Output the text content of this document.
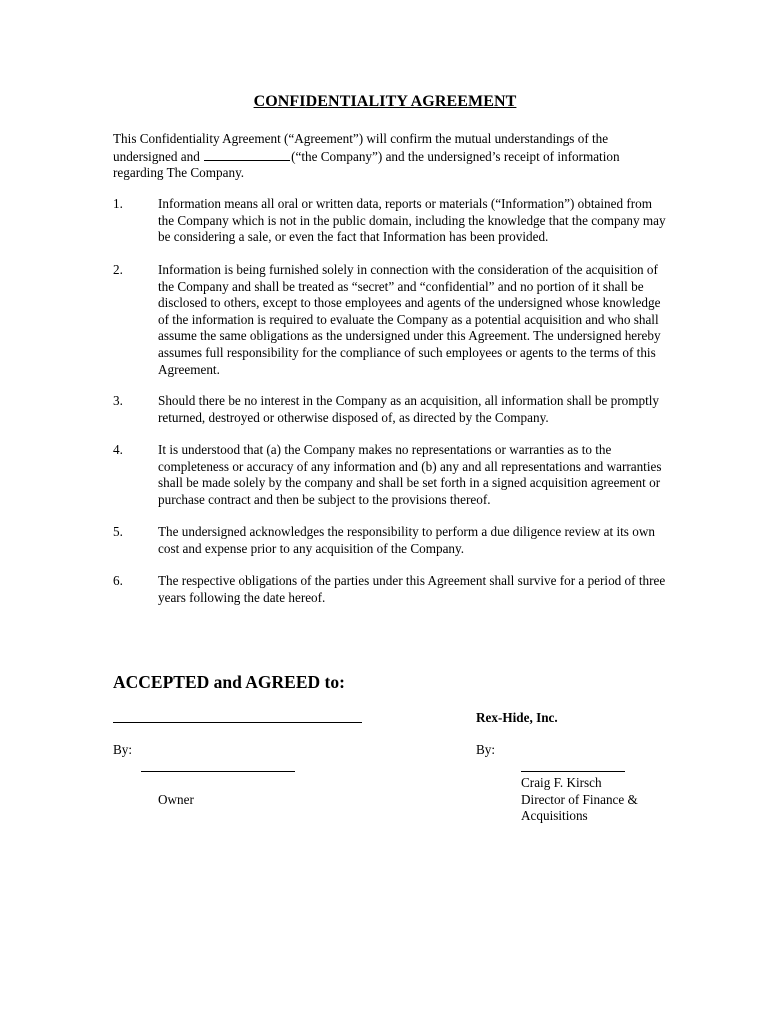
CONFIDENTIALITY AGREEMENT
This Confidentiality Agreement (“Agreement”) will confirm the mutual understandings of the undersigned and	(“the Company”) and the undersigned’s receipt of information regarding The Company.
1.	Information means all oral or written data, reports or materials (“Information”) obtained from the Company which is not in the public domain, including the knowledge that the company may be considering a sale, or even the fact that Information has been provided.
2.	Information is being furnished solely in connection with the consideration of the acquisition of the Company and shall be treated as “secret” and “confidential” and no portion of it shall be disclosed to others, except to those employees and agents of the undersigned whose knowledge of the information is required to evaluate the Company as a potential acquisition and who shall assume the same obligations as the undersigned under this Agreement. The undersigned hereby assumes full responsibility for the compliance of such employees or agents to the terms of this Agreement.
3.	Should there be no interest in the Company as an acquisition, all information shall be promptly returned, destroyed or otherwise disposed of, as directed by the Company.
4.	It is understood that (a) the Company makes no representations or warranties as to the completeness or accuracy of any information and (b) any and all representations and warranties shall be made solely by the company and shall be set forth in a signed acquisition agreement or purchase contract and then be subject to the provisions thereof.
5.	The undersigned acknowledges the responsibility to perform a due diligence review at its own cost and expense prior to any acquisition of the Company.
6.	The respective obligations of the parties under this Agreement shall survive for a period of three years following the date hereof.
ACCEPTED and AGREED to:
By:
Owner
Rex-Hide, Inc.
By:
Craig F. Kirsch
Director of Finance &
Acquisitions
